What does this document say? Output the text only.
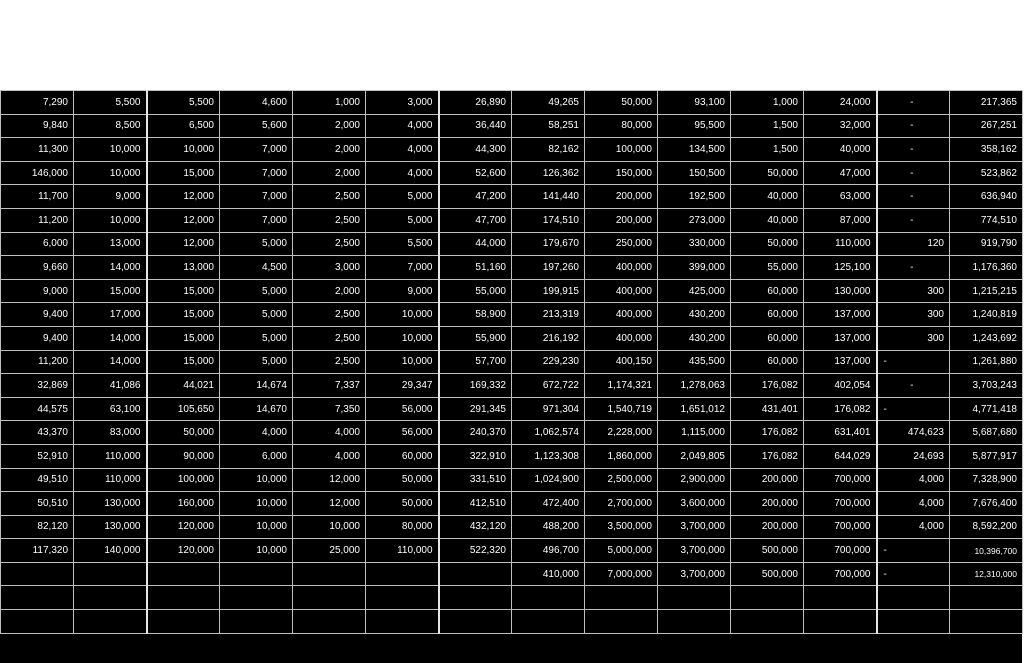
7,290	5,500	5,500	4,600	1,000	3,000	26,890	49,265	50,000	93,100	1,000	24,000	-	217,365
9,840	8,500	6,500	5,600	2,000	4,000	36,440	58,251	80,000	95,500	1,500	32,000	-	267,251
11,300	10,000	10,000	7,000	2,000	4,000	44,300	82,162	100,000	134,500	1,500	40,000	-	358,162
146,000	10,000	15,000	7,000	2,000	4,000	52,600	126,362	150,000	150,500	50,000	47,000	-	523,862
11,700	9,000	12,000	7,000	2,500	5,000	47,200	141,440	200,000	192,500	40,000	63,000	-	636,940
11,200	10,000	12,000	7,000	2,500	5,000	47,700	174,510	200,000	273,000	40,000	87,000	-	774,510
6,000	13,000	12,000	5,000	2,500	5,500	44,000	179,670	250,000	330,000	50,000	110,000	120	919,790
9,660	14,000	13,000	4,500	3,000	7,000	51,160	197,260	400,000	399,000	55,000	125,100	-	1,176,360
9,000	15,000	15,000	5,000	2,000	9,000	55,000	199,915	400,000	425,000	60,000	130,000	300	1,215,215
9,400	17,000	15,000	5,000	2,500	10,000	58,900	213,319	400,000	430,200	60,000	137,000	300	1,240,819
9,400	14,000	15,000	5,000	2,500	10,000	55,900	216,192	400,000	430,200	60,000	137,000	300	1,243,692
11,200	14,000	15,000	5,000	2,500	10,000	57,700	229,230	400,150	435,500	60,000	137,000	-	1,261,880
32,869	41,086	44,021	14,674	7,337	29,347	169,332	672,722	1,174,321	1,278,063	176,082	402,054	-	3,703,243
44,575	63,100	105,650	14,670	7,350	56,000	291,345	971,304	1,540,719	1,651,012	431,401	176,082	-	4,771,418
43,370	83,000	50,000	4,000	4,000	56,000	240,370	1,062,574	2,228,000	1,115,000	176,082	631,401	474,623	5,687,680
52,910	110,000	90,000	6,000	4,000	60,000	322,910	1,123,308	1,860,000	2,049,805	176,082	644,029	24,693	5,877,917
49,510	110,000	100,000	10,000	12,000	50,000	331,510	1,024,900	2,500,000	2,900,000	200,000	700,000	4,000	7,328,900
50,510	130,000	160,000	10,000	12,000	50,000	412,510	472,400	2,700,000	3,600,000	200,000	700,000	4,000	7,676,400
82,120	130,000	120,000	10,000	10,000	80,000	432,120	488,200	3,500,000	3,700,000	200,000	700,000	4,000	8,592,200
117,320	140,000	120,000	10,000	25,000	110,000	522,320	496,700	5,000,000	3,700,000	500,000	700,000	-	10,396,700
							410,000	7,000,000	3,700,000	500,000	700,000	-	12,310,000
